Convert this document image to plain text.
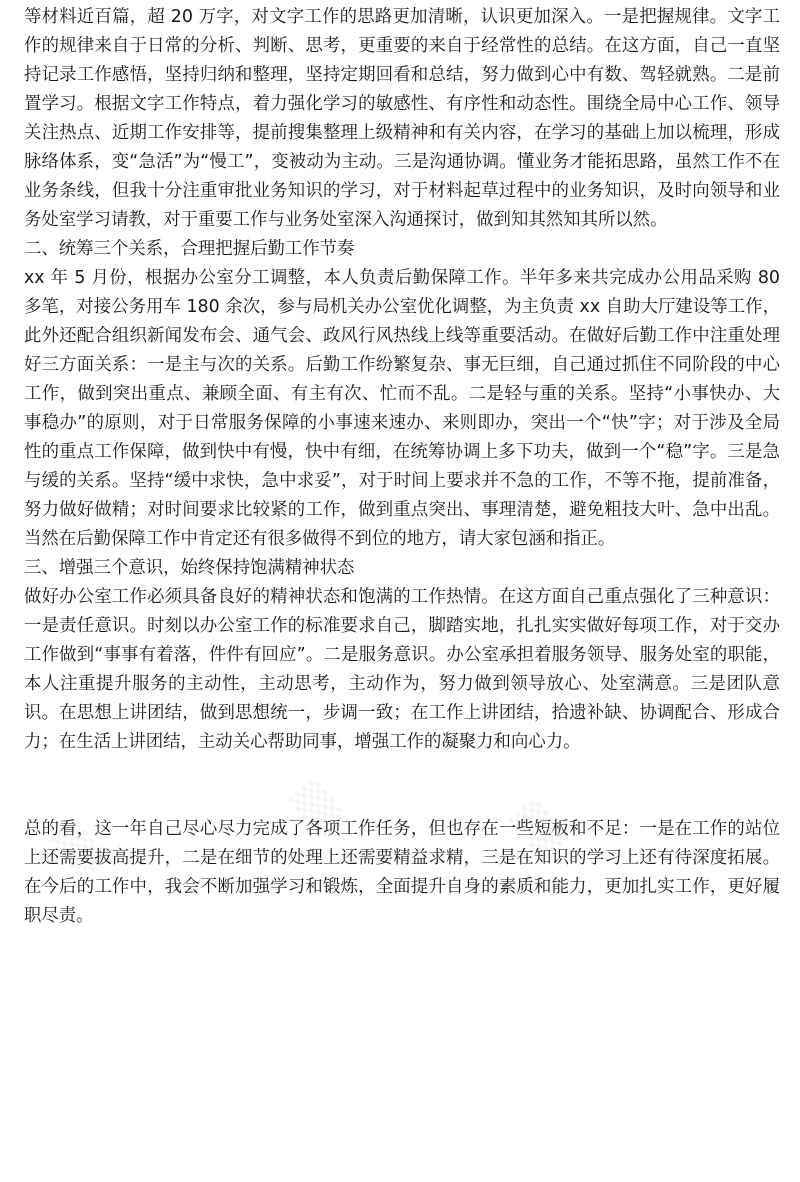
▒
▒	▒

等材料近百篇，超 20 万字，对文字工作的思路更加清晰，认识更加深入。一是把握规律。文字工作的规律来自于日常的分析、判断、思考，更重要的来自于经常性的总结。在这方面，自己一直坚持记录工作感悟，坚持归纳和整理，坚持定期回看和总结，努力做到心中有数、驾轻就熟。二是前置学习。根据文字工作特点，着力强化学习的敏感性、有序性和动态性。围绕全局中心工作、领导关注热点、近期工作安排等，提前搜集整理上级精神和有关内容，在学习的基础上加以梳理，形成脉络体系，变“急活”为“慢工”，变被动为主动。三是沟通协调。懂业务才能拓思路，虽然工作不在业务条线，但我十分注重审批业务知识的学习，对于材料起草过程中的业务知识，及时向领导和业务处室学习请教，对于重要工作与业务处室深入沟通探讨，做到知其然知其所以然。

二、统筹三个关系，合理把握后勤工作节奏

xx 年 5 月份，根据办公室分工调整，本人负责后勤保障工作。半年多来共完成办公用品采购 80 多笔，对接公务用车 180 余次，参与局机关办公室优化调整，为主负责 xx 自助大厅建设等工作，此外还配合组织新闻发布会、通气会、政风行风热线上线等重要活动。在做好后勤工作中注重处理好三方面关系：一是主与次的关系。后勤工作纷繁复杂、事无巨细，自己通过抓住不同阶段的中心工作，做到突出重点、兼顾全面、有主有次、忙而不乱。二是轻与重的关系。坚持“小事快办、大事稳办”的原则，对于日常服务保障的小事速来速办、来则即办，突出一个“快”字；对于涉及全局性的重点工作保障，做到快中有慢，快中有细，在统筹协调上多下功夫，做到一个“稳”字。三是急与缓的关系。坚持“缓中求快，急中求妥”，对于时间上要求并不急的工作，不等不拖，提前准备，努力做好做精；对时间要求比较紧的工作，做到重点突出、事理清楚，避免粗技大叶、急中出乱。当然在后勤保障工作中肯定还有很多做得不到位的地方，请大家包涵和指正。

三、增强三个意识，始终保持饱满精神状态

做好办公室工作必须具备良好的精神状态和饱满的工作热情。在这方面自己重点强化了三种意识：一是责任意识。时刻以办公室工作的标准要求自己，脚踏实地，扎扎实实做好每项工作，对于交办工作做到“事事有着落，件件有回应”。二是服务意识。办公室承担着服务领导、服务处室的职能，本人注重提升服务的主动性，主动思考，主动作为，努力做到领导放心、处室满意。三是团队意识。在思想上讲团结，做到思想统一，步调一致；在工作上讲团结，拾遗补缺、协调配合、形成合力；在生活上讲团结，主动关心帮助同事，增强工作的凝聚力和向心力。

总的看，这一年自己尽心尽力完成了各项工作任务，但也存在一些短板和不足：一是在工作的站位上还需要拔高提升，二是在细节的处理上还需要精益求精，三是在知识的学习上还有待深度拓展。在今后的工作中，我会不断加强学习和锻炼，全面提升自身的素质和能力，更加扎实工作，更好履职尽责。
